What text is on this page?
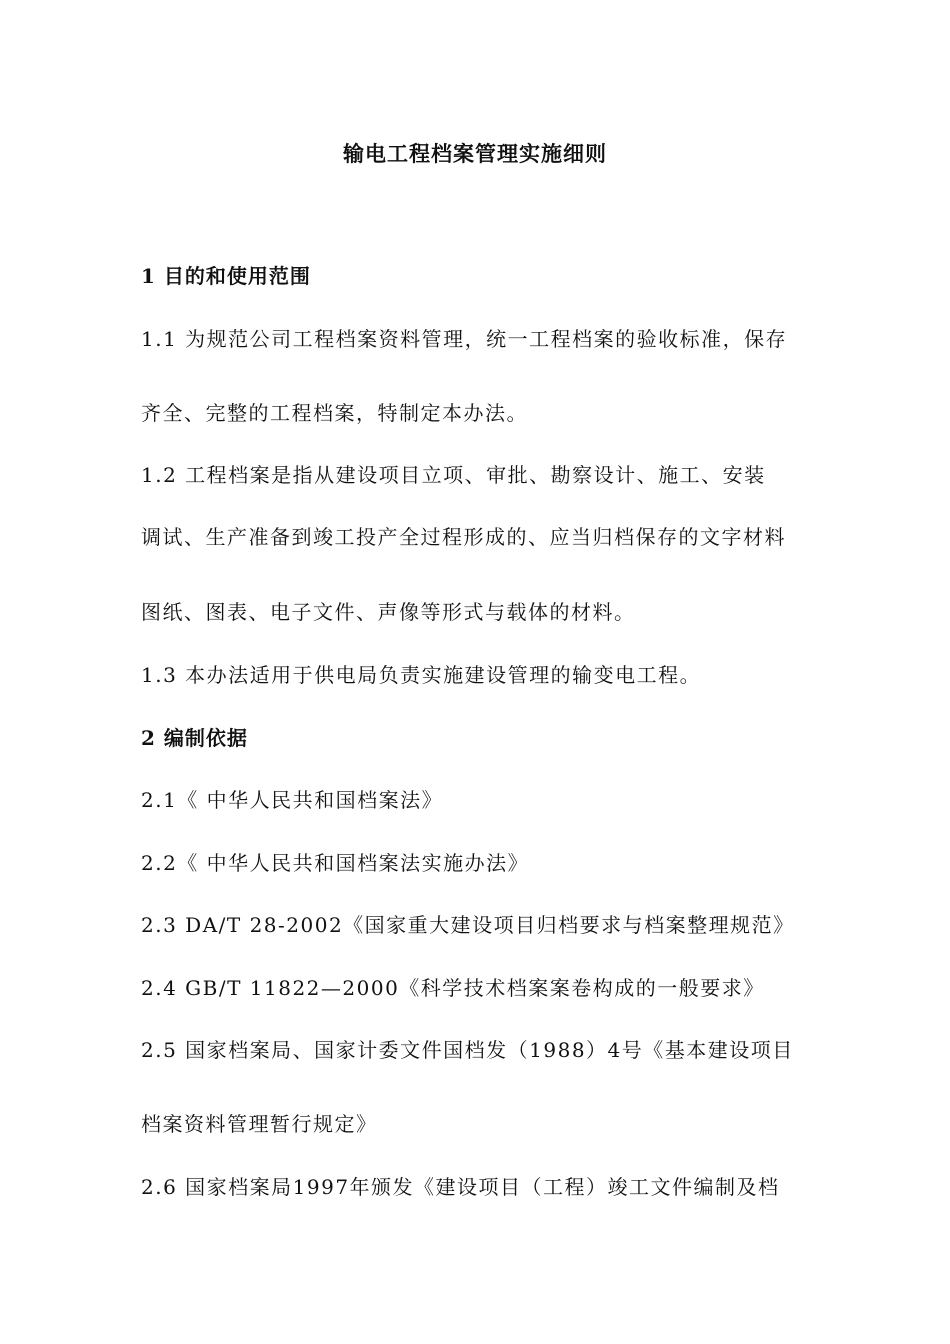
输电工程档案管理实施细则
1 目的和使用范围
1.1 为规范公司工程档案资料管理，统一工程档案的验收标准，保存
齐全、完整的工程档案，特制定本办法。
1.2 工程档案是指从建设项目立项、审批、勘察设计、施工、安装
调试、生产准备到竣工投产全过程形成的、应当归档保存的文字材料
图纸、图表、电子文件、声像等形式与载体的材料。
1.3 本办法适用于供电局负责实施建设管理的输变电工程。
2 编制依据
2.1《 中华人民共和国档案法》
2.2《 中华人民共和国档案法实施办法》
2.3 DA/T 28-2002《国家重大建设项目归档要求与档案整理规范》
2.4 GB/T 11822—2000《科学技术档案案卷构成的一般要求》
2.5 国家档案局、国家计委文件国档发（1988）4号《基本建设项目
档案资料管理暂行规定》
2.6 国家档案局1997年颁发《建设项目（工程）竣工文件编制及档
